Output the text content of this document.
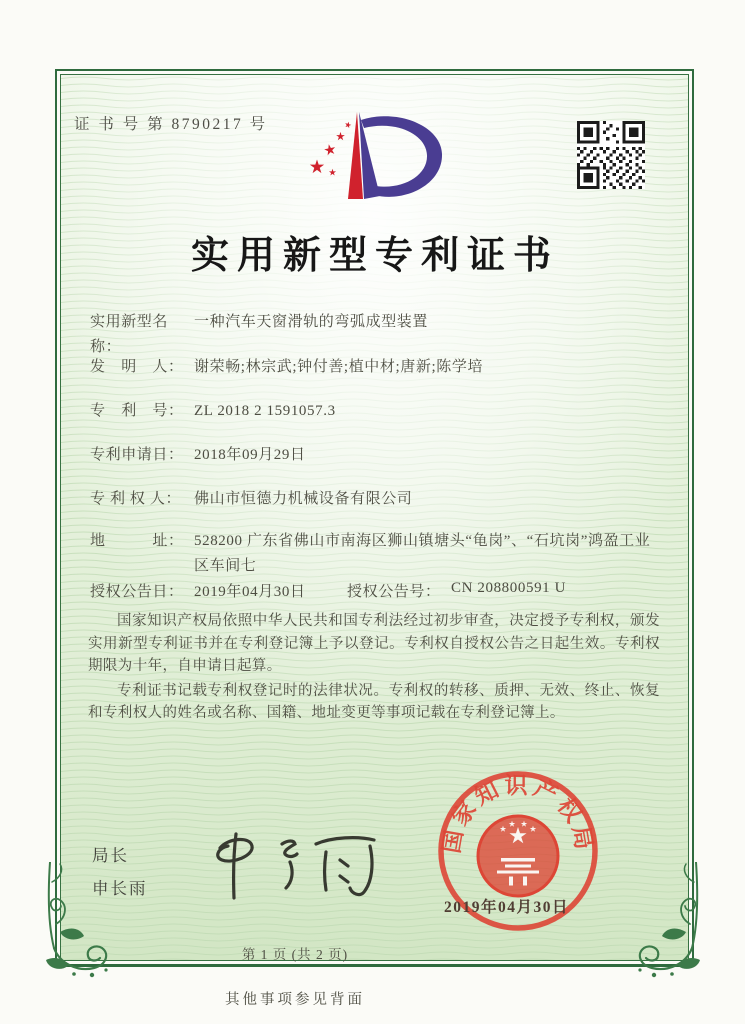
证 书 号 第 8790217 号
实用新型专利证书
实用新型名称：
一种汽车天窗滑轨的弯弧成型装置
发　明　人： 谢荣畅;林宗武;钟付善;植中材;唐新;陈学培
专　利　号： ZL 2018 2 1591057.3
专利申请日： 2018年09月29日
专 利 权 人： 佛山市恒德力机械设备有限公司
地　　　址： 528200 广东省佛山市南海区狮山镇塘头“龟岗”、“石坑岗”鸿盈工业区车间七
授权公告日： 2019年04月30日	授权公告号： CN 208800591 U

国家知识产权局依照中华人民共和国专利法经过初步审查，决定授予专利权，颁发实用新型专利证书并在专利登记簿上予以登记。专利权自授权公告之日起生效。专利权期限为十年，自申请日起算。

专利证书记载专利权登记时的法律状况。专利权的转移、质押、无效、终止、恢复和专利权人的姓名或名称、国籍、地址变更等事项记载在专利登记簿上。

局长
申长雨
国家知识产权局
2019年04月30日
第 1 页 (共 2 页)
其他事项参见背面
